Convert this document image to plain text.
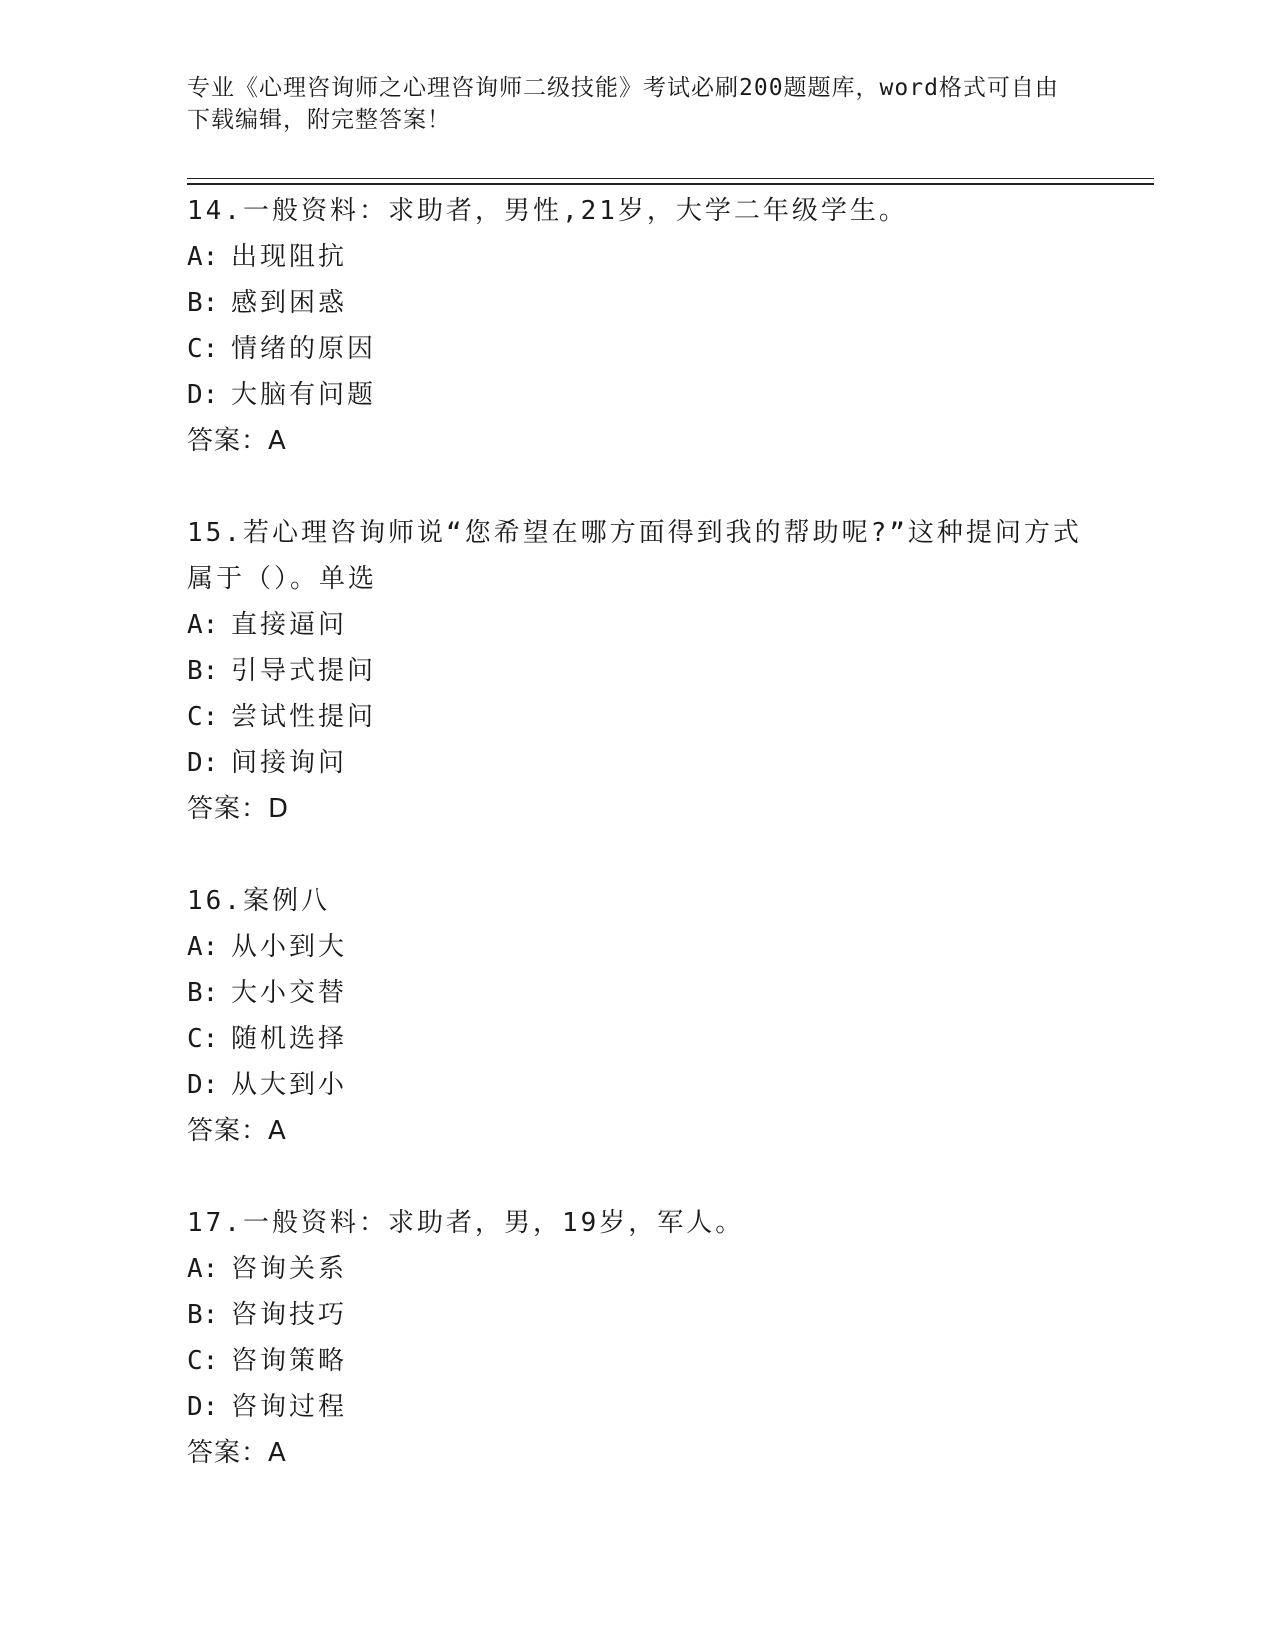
专业《心理咨询师之心理咨询师二级技能》考试必刷200题题库，word格式可自由下载编辑，附完整答案！
14.一般资料：求助者，男性,21岁，大学二年级学生。
A: 出现阻抗
B: 感到困惑
C: 情绪的原因
D: 大脑有问题
答案：A
15.若心理咨询师说“您希望在哪方面得到我的帮助呢?”这种提问方式属于（）。单选
A: 直接逼问
B: 引导式提问
C: 尝试性提问
D: 间接询问
答案：D
16.案例八
A: 从小到大
B: 大小交替
C: 随机选择
D: 从大到小
答案：A
17.一般资料：求助者，男，19岁，军人。
A: 咨询关系
B: 咨询技巧
C: 咨询策略
D: 咨询过程
答案：A
